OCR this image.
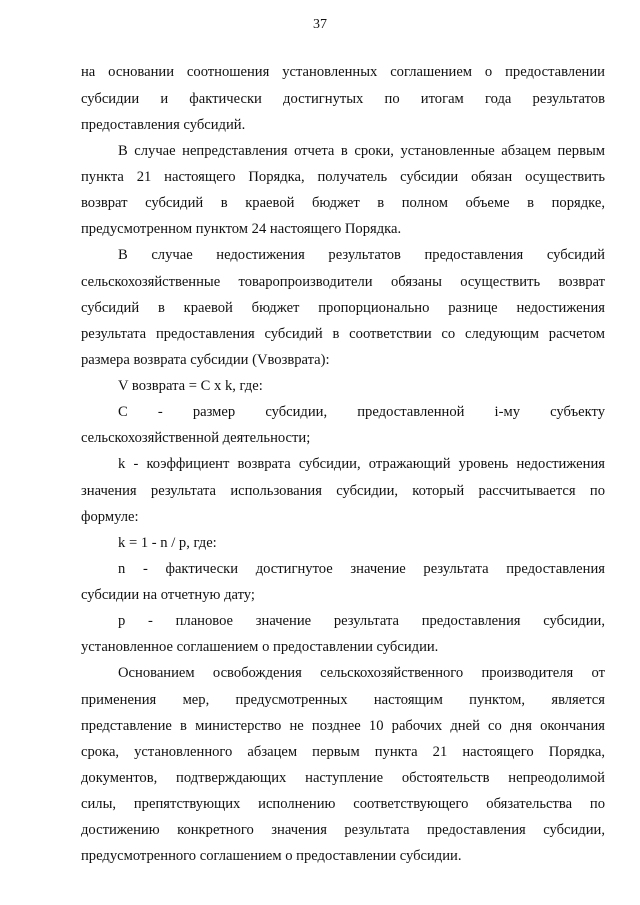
37
на основании соотношения установленных соглашением о предоставлении
субсидии и фактически достигнутых по итогам года результатов
предоставления субсидий.
В случае непредставления отчета в сроки, установленные абзацем первым
пункта 21 настоящего Порядка, получатель субсидии обязан осуществить
возврат субсидий в краевой бюджет в полном объеме в порядке,
предусмотренном пунктом 24 настоящего Порядка.
В случае недостижения результатов предоставления субсидий
сельскохозяйственные товаропроизводители обязаны осуществить возврат
субсидий в краевой бюджет пропорционально разнице недостижения
результата предоставления субсидий в соответствии со следующим расчетом
размера возврата субсидии (Vвозврата):
V возврата = С х k, где:
С - размер субсидии, предоставленной i-му субъекту
сельскохозяйственной деятельности;
k - коэффициент возврата субсидии, отражающий уровень недостижения
значения результата использования субсидии, который рассчитывается по
формуле:
k = 1 - n / p, где:
n - фактически достигнутое значение результата предоставления
субсидии на отчетную дату;
p - плановое значение результата предоставления субсидии,
установленное соглашением о предоставлении субсидии.
Основанием освобождения сельскохозяйственного производителя от
применения мер, предусмотренных настоящим пунктом, является
представление в министерство не позднее 10 рабочих дней со дня окончания
срока, установленного абзацем первым пункта 21 настоящего Порядка,
документов, подтверждающих наступление обстоятельств непреодолимой
силы, препятствующих исполнению соответствующего обязательства по
достижению конкретного значения результата предоставления субсидии,
предусмотренного соглашением о предоставлении субсидии.
